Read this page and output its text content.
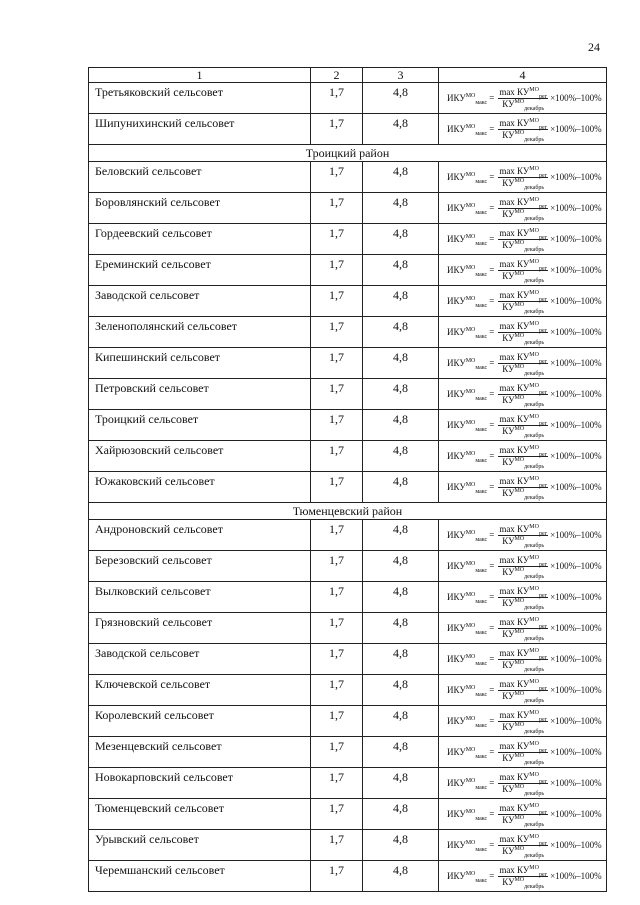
24
1	2	3	4
Третьяковский сельсовет	1,7	4,8	$ИКУ^{МО}_{макс} = \frac{\max КУ^{МО}_{рег}}{КУ^{МО}_{декабрь}} \times 100\%-100\%$

Шипунихинский сельсовет	1,7	4,8	$ИКУ^{МО}_{макс} = \frac{\max КУ^{МО}_{рег}}{КУ^{МО}_{декабрь}} \times 100\%-100\%$

Троицкий район			
Беловский сельсовет	1,7	4,8	$ИКУ^{МО}_{макс} = \frac{\max КУ^{МО}_{рег}}{КУ^{МО}_{декабрь}} \times 100\%-100\%$

Боровлянский сельсовет	1,7	4,8	$ИКУ^{МО}_{макс} = \frac{\max КУ^{МО}_{рег}}{КУ^{МО}_{декабрь}} \times 100\%-100\%$

Гордеевский сельсовет	1,7	4,8	$ИКУ^{МО}_{макс} = \frac{\max КУ^{МО}_{рег}}{КУ^{МО}_{декабрь}} \times 100\%-100\%$

Ереминский сельсовет	1,7	4,8	$ИКУ^{МО}_{макс} = \frac{\max КУ^{МО}_{рег}}{КУ^{МО}_{декабрь}} \times 100\%-100\%$

Заводской сельсовет	1,7	4,8	$ИКУ^{МО}_{макс} = \frac{\max КУ^{МО}_{рег}}{КУ^{МО}_{декабрь}} \times 100\%-100\%$

Зеленополянский сельсовет	1,7	4,8	$ИКУ^{МО}_{макс} = \frac{\max КУ^{МО}_{рег}}{КУ^{МО}_{декабрь}} \times 100\%-100\%$

Кипешинский сельсовет	1,7	4,8	$ИКУ^{МО}_{макс} = \frac{\max КУ^{МО}_{рег}}{КУ^{МО}_{декабрь}} \times 100\%-100\%$

Петровский сельсовет	1,7	4,8	$ИКУ^{МО}_{макс} = \frac{\max КУ^{МО}_{рег}}{КУ^{МО}_{декабрь}} \times 100\%-100\%$

Троицкий сельсовет	1,7	4,8	$ИКУ^{МО}_{макс} = \frac{\max КУ^{МО}_{рег}}{КУ^{МО}_{декабрь}} \times 100\%-100\%$

Хайрюзовский сельсовет	1,7	4,8	$ИКУ^{МО}_{макс} = \frac{\max КУ^{МО}_{рег}}{КУ^{МО}_{декабрь}} \times 100\%-100\%$

Южаковский сельсовет	1,7	4,8	$ИКУ^{МО}_{макс} = \frac{\max КУ^{МО}_{рег}}{КУ^{МО}_{декабрь}} \times 100\%-100\%$

Тюменцевский район			
Андроновский сельсовет	1,7	4,8	$ИКУ^{МО}_{макс} = \frac{\max КУ^{МО}_{рег}}{КУ^{МО}_{декабрь}} \times 100\%-100\%$

Березовский сельсовет	1,7	4,8	$ИКУ^{МО}_{макс} = \frac{\max КУ^{МО}_{рег}}{КУ^{МО}_{декабрь}} \times 100\%-100\%$

Вылковский сельсовет	1,7	4,8	$ИКУ^{МО}_{макс} = \frac{\max КУ^{МО}_{рег}}{КУ^{МО}_{декабрь}} \times 100\%-100\%$

Грязновский сельсовет	1,7	4,8	$ИКУ^{МО}_{макс} = \frac{\max КУ^{МО}_{рег}}{КУ^{МО}_{декабрь}} \times 100\%-100\%$

Заводской сельсовет	1,7	4,8	$ИКУ^{МО}_{макс} = \frac{\max КУ^{МО}_{рег}}{КУ^{МО}_{декабрь}} \times 100\%-100\%$

Ключевской сельсовет	1,7	4,8	$ИКУ^{МО}_{макс} = \frac{\max КУ^{МО}_{рег}}{КУ^{МО}_{декабрь}} \times 100\%-100\%$

Королевский сельсовет	1,7	4,8	$ИКУ^{МО}_{макс} = \frac{\max КУ^{МО}_{рег}}{КУ^{МО}_{декабрь}} \times 100\%-100\%$

Мезенцевский сельсовет	1,7	4,8	$ИКУ^{МО}_{макс} = \frac{\max КУ^{МО}_{рег}}{КУ^{МО}_{декабрь}} \times 100\%-100\%$

Новокарповский сельсовет	1,7	4,8	$ИКУ^{МО}_{макс} = \frac{\max КУ^{МО}_{рег}}{КУ^{МО}_{декабрь}} \times 100\%-100\%$

Тюменцевский сельсовет	1,7	4,8	$ИКУ^{МО}_{макс} = \frac{\max КУ^{МО}_{рег}}{КУ^{МО}_{декабрь}} \times 100\%-100\%$

Урывский сельсовет	1,7	4,8	$ИКУ^{МО}_{макс} = \frac{\max КУ^{МО}_{рег}}{КУ^{МО}_{декабрь}} \times 100\%-100\%$

Черемшанский сельсовет	1,7	4,8	$ИКУ^{МО}_{макс} = \frac{\max КУ^{МО}_{рег}}{КУ^{МО}_{декабрь}} \times 100\%-100\%$
